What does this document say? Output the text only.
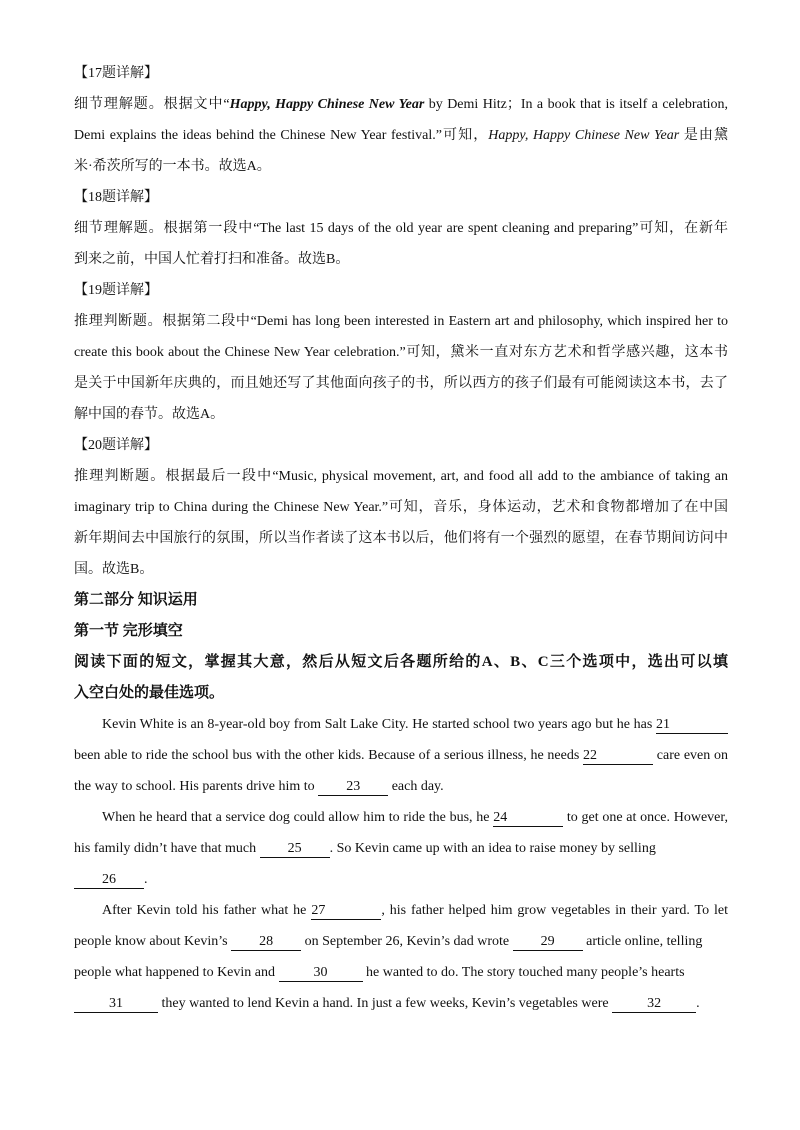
【17题详解】
细节理解题。根据文中“Happy, Happy Chinese New Year by Demi Hitz；In a book that is itself a celebration,
Demi explains the ideas behind the Chinese New Year festival.”可知，Happy, Happy Chinese New Year 是由黛
米·希茨所写的一本书。故选A。
【18题详解】
细节理解题。根据第一段中“The last 15 days of the old year are spent cleaning and preparing”可知，在新年
到来之前，中国人忙着打扫和准备。故选B。
【19题详解】
推理判断题。根据第二段中“Demi has long been interested in Eastern art and philosophy, which inspired her to
create this book about the Chinese New Year celebration.”可知，黛米一直对东方艺术和哲学感兴趣，这本书
是关于中国新年庆典的，而且她还写了其他面向孩子的书，所以西方的孩子们最有可能阅读这本书，去了
解中国的春节。故选A。
【20题详解】
推理判断题。根据最后一段中“Music, physical movement, art, and food all add to the ambiance of taking an
imaginary trip to China during the Chinese New Year.”可知，音乐，身体运动，艺术和食物都增加了在中国
新年期间去中国旅行的氛围，所以当作者读了这本书以后，他们将有一个强烈的愿望，在春节期间访问中
国。故选B。
第二部分 知识运用
第一节 完形填空
阅读下面的短文，掌握其大意，然后从短文后各题所给的A、B、C三个选项中，选出可以填
入空白处的最佳选项。
Kevin White is an 8-year-old boy from Salt Lake City. He started school two years ago but he has 21
been able to ride the school bus with the other kids. Because of a serious illness, he needs 22	care even on
the way to school. His parents drive him to 23 each day.
When he heard that a service dog could allow him to ride the bus, he 24	to get one at once. However,
his family didn’t have that much 25 . So Kevin came up with an idea to raise money by selling
26 .
After Kevin told his father what he 27	, his father helped him grow vegetables in their yard. To let
people know about Kevin’s 28 on September 26, Kevin’s dad wrote 29 article online, telling
people what happened to Kevin and	30	he wanted to do. The story touched many people’s hearts
31	they wanted to lend Kevin a hand. In just a few weeks, Kevin’s vegetables were	32	.
